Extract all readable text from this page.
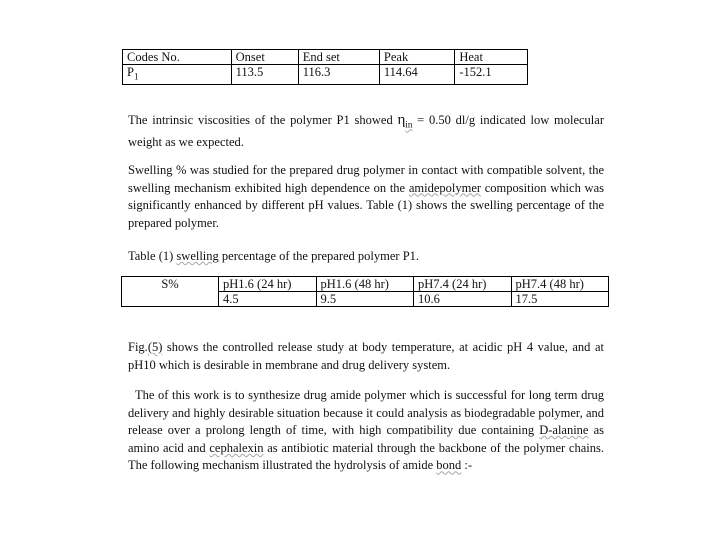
Codes No.	Onset	End set	Peak	Heat
$P_1$	113.5	116.3	114.64	-152.1

The intrinsic viscosities of the polymer P1 showed $\eta_{in} = 0.50$ dl/g indicated low molecular weight as we expected.

Swelling % was studied for the prepared drug polymer in contact with compatible solvent, the swelling mechanism exhibited high dependence on the amidepolymer composition which was significantly enhanced by different pH values. Table (1) shows the swelling percentage of the prepared polymer.

Table (1) swelling percentage of the prepared polymer P1.

S%	pH1.6 (24 hr)	pH1.6 (48 hr)	pH7.4 (24 hr)	pH7.4 (48 hr)
	4.5	9.5	10.6	17.5

Fig.(5) shows the controlled release study at body temperature, at acidic pH 4 value, and at pH10 which is desirable in membrane and drug delivery system.

The of this work is to synthesize drug amide polymer which is successful for long term drug delivery and highly desirable situation because it could analysis as biodegradable polymer, and release over a prolong length of time, with high compatibility due containing D-alanine as amino acid and cephalexin as antibiotic material through the backbone of the polymer chains. The following mechanism illustrated the hydrolysis of amide bond :-
